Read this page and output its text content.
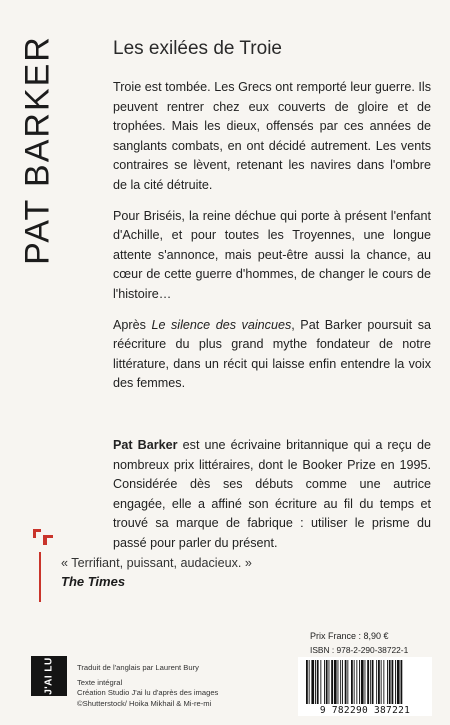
PAT BARKER	Les exilées de Troie

Troie est tombée. Les Grecs ont remporté leur guerre. Ils peuvent rentrer chez eux couverts de gloire et de trophées. Mais les dieux, offensés par ces années de sanglants combats, en ont décidé autrement. Les vents contraires se lèvent, retenant les navires dans l'ombre de la cité détruite.

Pour Briséis, la reine déchue qui porte à présent l'enfant d'Achille, et pour toutes les Troyennes, une longue attente s'annonce, mais peut-être aussi la chance, au cœur de cette guerre d'hommes, de changer le cours de l'histoire…

Après Le silence des vaincues, Pat Barker poursuit sa réécriture du plus grand mythe fondateur de notre littérature, dans un récit qui laisse enfin entendre la voix des femmes.

Pat Barker est une écrivaine britannique qui a reçu de nombreux prix littéraires, dont le Booker Prize en 1995. Considérée dès ses débuts comme une autrice engagée, elle a affiné son écriture au fil du temps et trouvé sa marque de fabrique : utiliser le prisme du passé pour parler du présent.

« Terrifiant, puissant, audacieux. »
The Times
J'AI LU	Traduit de l'anglais par Laurent Bury
Texte intégral
Création Studio J'ai lu d'après des images
©Shutterstock/ Hoika Mikhail & Mi-re-mi
Prix France : 8,90 €
ISBN : 978-2-290-38722-1
9 782290 387221
